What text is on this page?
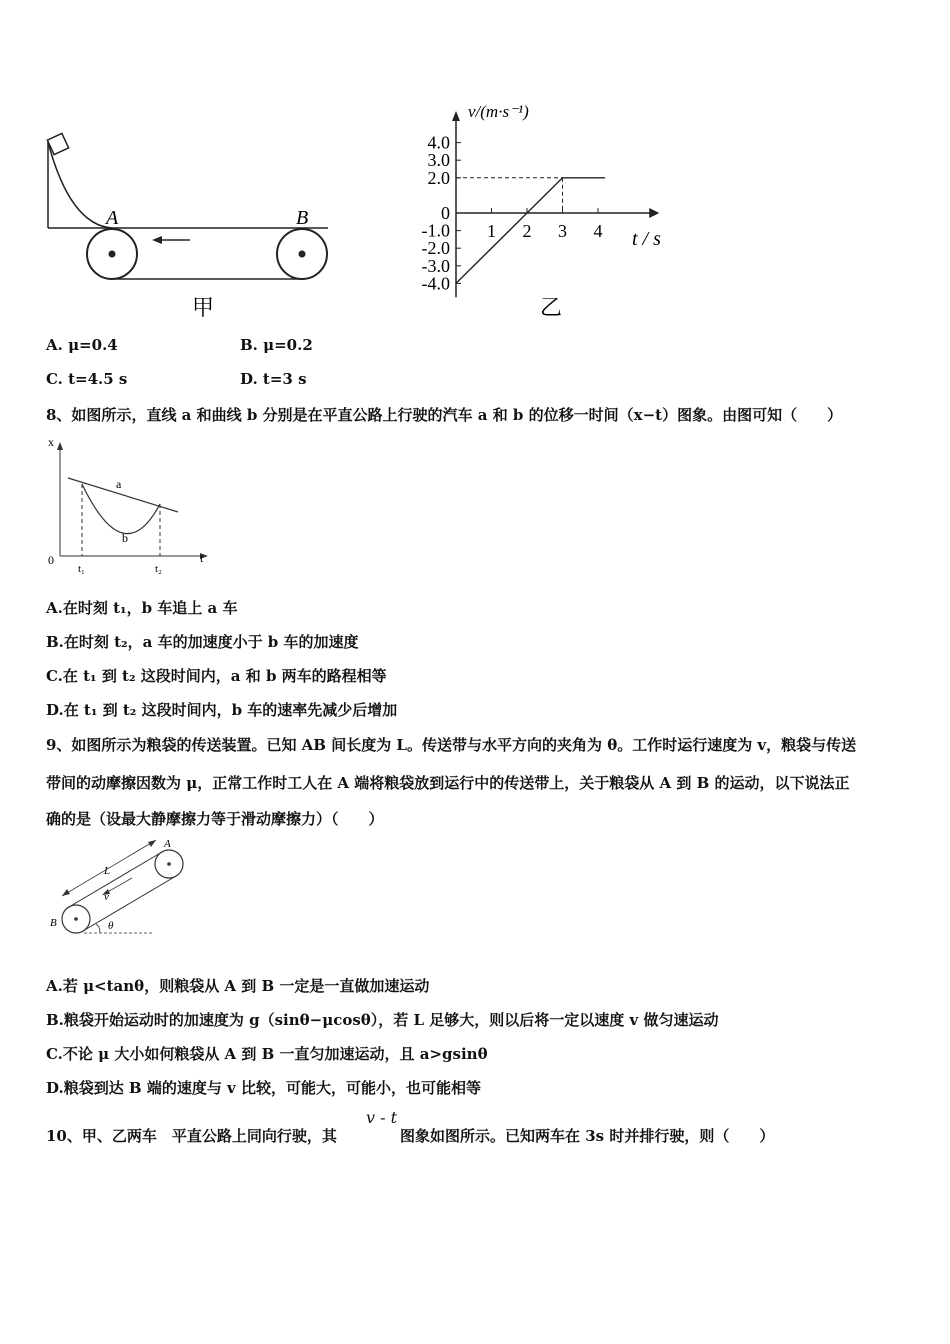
A	B
甲
v/(m·s⁻¹)
t / s
乙
4.0
3.0
2.0
0
-1.0
-2.0
-3.0
-4.0
1 2 3 4
A. μ=0.4	B. μ=0.2
C. t=4.5 s	D. t=3 s
8、如图所示，直线 a 和曲线 b 分别是在平直公路上行驶的汽车 a 和 b 的位移一时间（x−t）图象。由图可知（　　）
x
t
0
a
b
t₁	t₂
A.在时刻 t₁，b 车追上 a 车
B.在时刻 t₂，a 车的加速度小于 b 车的加速度
C.在 t₁ 到 t₂ 这段时间内，a 和 b 两车的路程相等
D.在 t₁ 到 t₂ 这段时间内，b 车的速率先减少后增加
9、如图所示为粮袋的传送装置。已知 AB 间长度为 L。传送带与水平方向的夹角为 θ。工作时运行速度为 v，粮袋与传送
带间的动摩擦因数为 μ，正常工作时工人在 A 端将粮袋放到运行中的传送带上，关于粮袋从 A 到 B 的运动，以下说法正
确的是（设最大静摩擦力等于滑动摩擦力）（　　）
A
B
L
v
θ
A.若 μ<tanθ，则粮袋从 A 到 B 一定是一直做加速运动
B.粮袋开始运动时的加速度为 g（sinθ−μcosθ），若 L 足够大，则以后将一定以速度 v 做匀速运动
C.不论 μ 大小如何粮袋从 A 到 B 一直匀加速运动，且 a>gsinθ
D.粮袋到达 B 端的速度与 v 比较，可能大，可能小，也可能相等
10、甲、乙两车　平直公路上同向行驶，其
v - t
图象如图所示。已知两车在 3s 时并排行驶，则（　　）
